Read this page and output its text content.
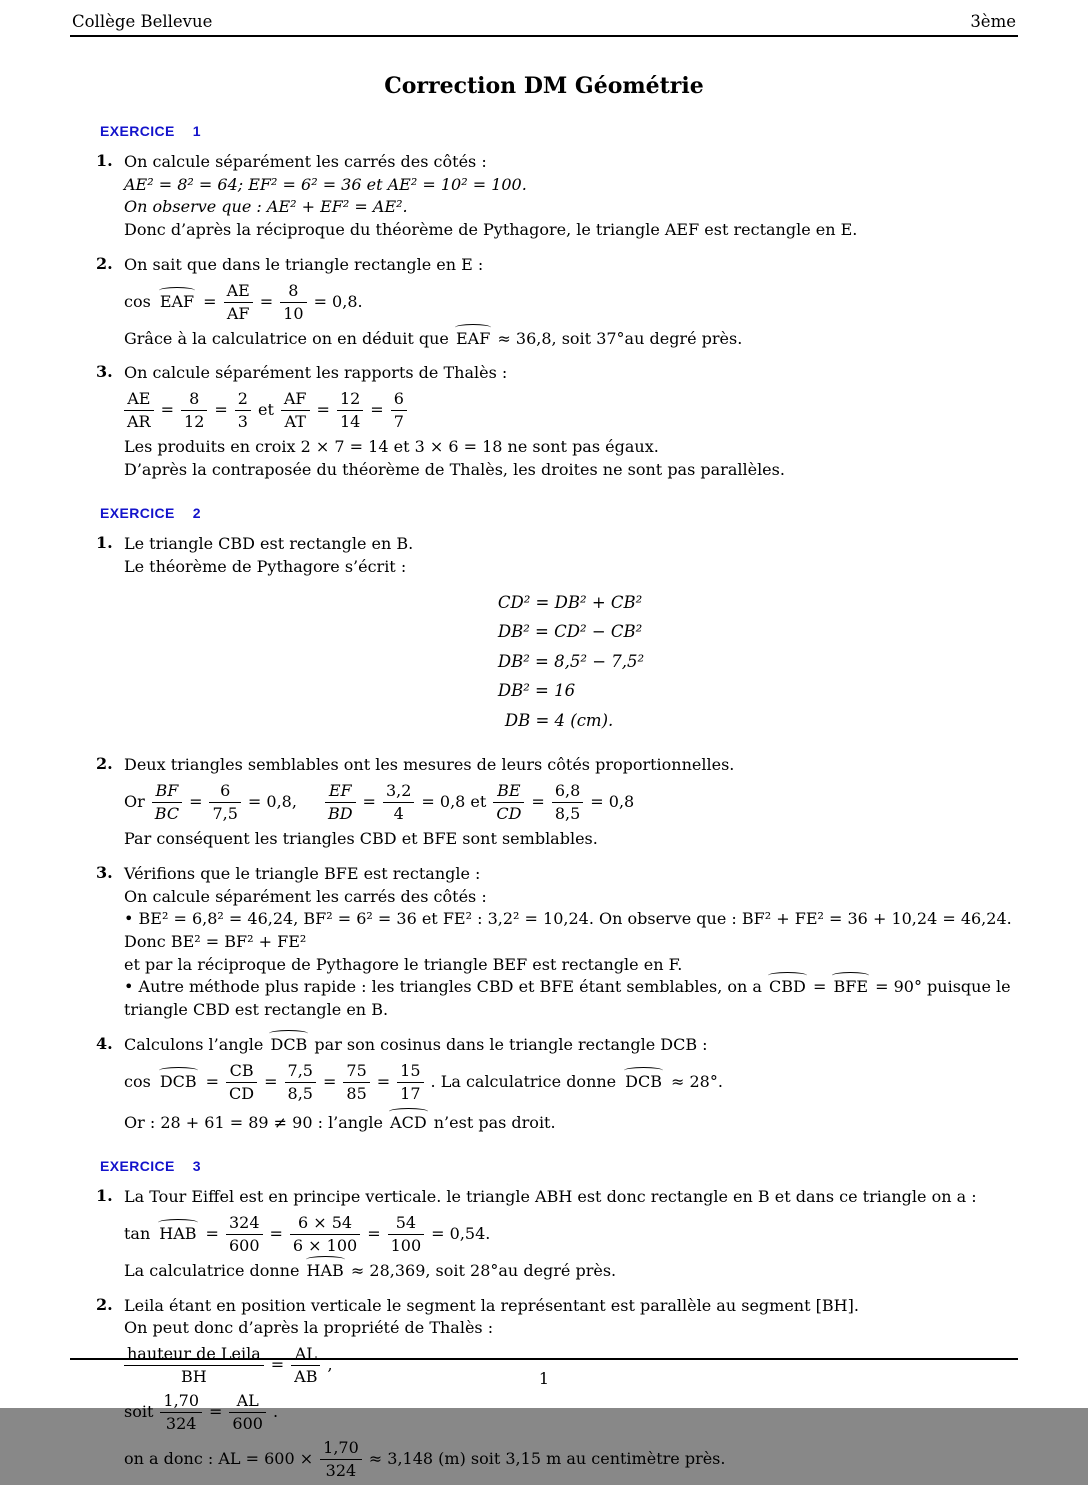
Collège Bellevue	3ème
Correction DM Géométrie
EXERCICE 1
1. On calcule séparément les carrés des côtés :

AE² = 8² = 64; EF² = 6² = 36 et AE² = 10² = 100.

On observe que : AE² + EF² = AE².

Donc d’après la réciproque du théorème de Pythagore, le triangle AEF est rectangle en E.

2. On sait que dans le triangle rectangle en E :

cos EAF = $\frac{AE}{AF} = \frac{8}{10} = 0,8$.

Grâce à la calculatrice on en déduit que EAF ≈ 36,8, soit 37°au degré près.

3. On calcule séparément les rapports de Thalès :

$\frac{AE}{AR} = \frac{8}{12} = \frac{2}{3}$ et $\frac{AF}{AT} = \frac{12}{14} = \frac{6}{7}$

Les produits en croix 2 × 7 = 14 et 3 × 6 = 18 ne sont pas égaux.

D’après la contraposée du théorème de Thalès, les droites ne sont pas parallèles.

EXERCICE 2
1. Le triangle CBD est rectangle en B.

Le théorème de Pythagore s’écrit :

CD² = DB² + CB²
DB² = CD² − CB²
DB² = 8,5² − 7,5²
DB² = 16
DB = 4 (cm).
2. Deux triangles semblables ont les mesures de leurs côtés proportionnelles.

Or $\frac{BF}{BC} = \frac{6}{7,5} = 0,8$, $\frac{EF}{BD} = \frac{3,2}{4} = 0,8$ et $\frac{BE}{CD} = \frac{6,8}{8,5} = 0,8$

Par conséquent les triangles CBD et BFE sont semblables.

3. Vérifions que le triangle BFE est rectangle :

On calcule séparément les carrés des côtés :

• BE² = 6,8² = 46,24, BF² = 6² = 36 et FE² : 3,2² = 10,24. On observe que : BF² + FE² = 36 + 10,24 = 46,24.

Donc BE² = BF² + FE²

et par la réciproque de Pythagore le triangle BEF est rectangle en F.

• Autre méthode plus rapide : les triangles CBD et BFE étant semblables, on a CBD = BFE = 90° puisque le triangle CBD est rectangle en B.

4. Calculons l’angle DCB par son cosinus dans le triangle rectangle DCB :

cos DCB = $\frac{CB}{CD} = \frac{7,5}{8,5} = \frac{75}{85} = \frac{15}{17}$ . La calculatrice donne DCB ≈ 28°.

Or : 28 + 61 = 89 ≠ 90 : l’angle ACD n’est pas droit.

EXERCICE 3
1. La Tour Eiffel est en principe verticale. le triangle ABH est donc rectangle en B et dans ce triangle on a :

tan HAB = $\frac{324}{600} = \frac{6 \times 54}{6 \times 100} = \frac{54}{100} = 0,54$.

La calculatrice donne HAB ≈ 28,369, soit 28°au degré près.

2. Leila étant en position verticale le segment la représentant est parallèle au segment [BH].

On peut donc d’après la propriété de Thalès :

$\frac{\text{hauteur de Leila}}{BH} = \frac{AL}{AB}$ ,
soit $\frac{1,70}{324} = \frac{AL}{600}$ .
on a donc : AL = $600 \times \frac{1,70}{324} \approx 3,148$ (m) soit 3,15 m au centimètre près.
1
